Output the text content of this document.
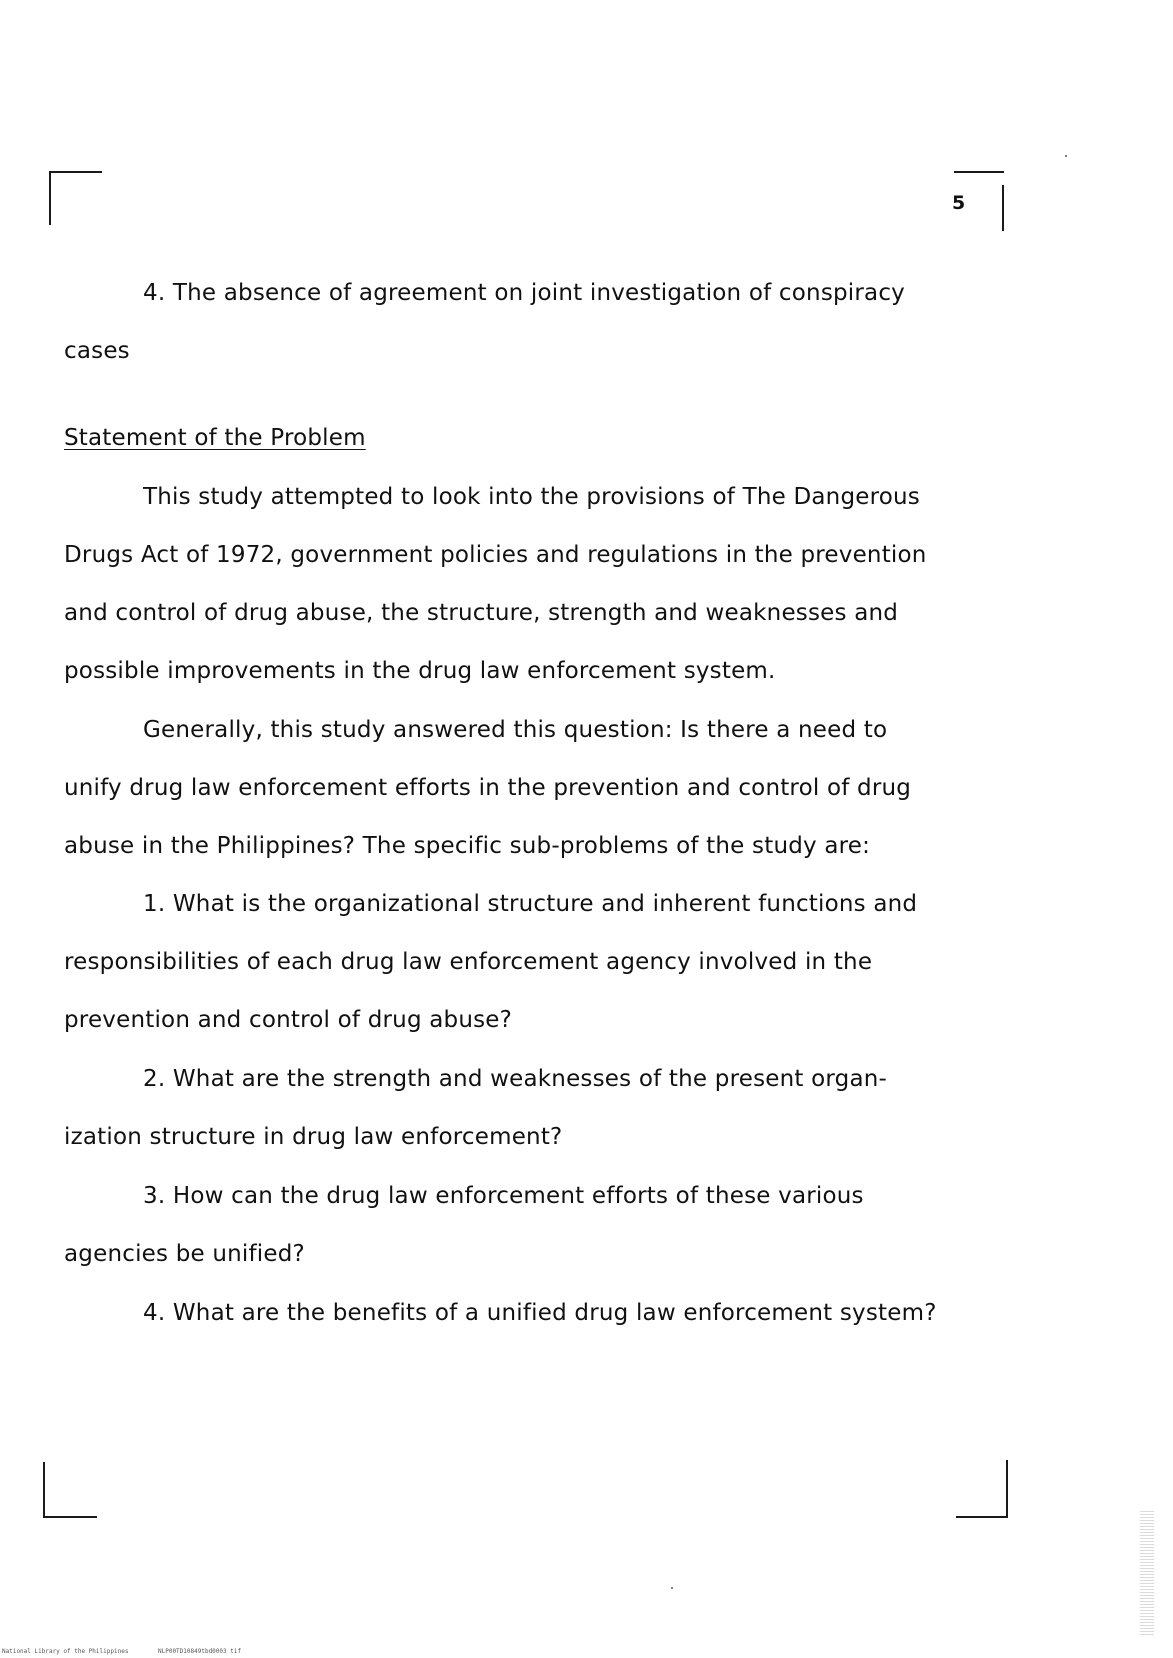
5
4. The absence of agreement on joint investigation of conspiracy
cases
Statement of the Problem
This study attempted to look into the provisions of The Dangerous
Drugs Act of 1972, government policies and regulations in the prevention
and control of drug abuse, the structure, strength and weaknesses and
possible improvements in the drug law enforcement system.
Generally, this study answered this question: Is there a need to
unify drug law enforcement efforts in the prevention and control of drug
abuse in the Philippines? The specific sub-problems of the study are:
1. What is the organizational structure and inherent functions and
responsibilities of each drug law enforcement agency involved in the
prevention and control of drug abuse?
2. What are the strength and weaknesses of the present organ-
ization structure in drug law enforcement?
3. How can the drug law enforcement efforts of these various
agencies be unified?
4. What are the benefits of a unified drug law enforcement system?
National Library of the Philippines	NLP00TD10849tbd0003 tif
